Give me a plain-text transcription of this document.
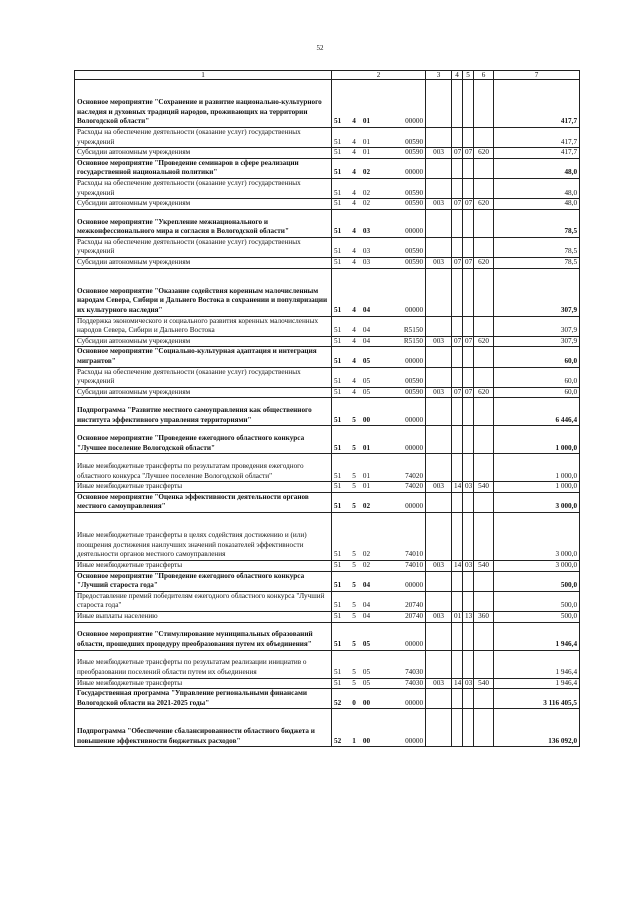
52
1	2				3	4	5	6	7
Основное мероприятие "Сохранение и развитие национально-культурного наследия и духовных традиций народов, проживающих на территории Вологодской области"	51	4	01	00000					417,7
Расходы на обеспечение деятельности (оказание услуг) государственных учреждений	51	4	01	00590					417,7
Субсидии автономным учреждениям	51	4	01	00590	003	07	07	620	417,7
Основное мероприятие "Проведение семинаров в сфере реализации государственной национальной политики"	51	4	02	00000					48,0
Расходы на обеспечение деятельности (оказание услуг) государственных учреждений	51	4	02	00590					48,0
Субсидии автономным учреждениям	51	4	02	00590	003	07	07	620	48,0
Основное мероприятие "Укрепление межнационального и межконфессионального мира и согласия в Вологодской области"	51	4	03	00000					78,5
Расходы на обеспечение деятельности (оказание услуг) государственных учреждений	51	4	03	00590					78,5
Субсидии автономным учреждениям	51	4	03	00590	003	07	07	620	78,5
Основное мероприятие "Оказание содействия коренным малочисленным народам Севера, Сибири и Дальнего Востока в сохранении и популяризации их культурного наследия"	51	4	04	00000					307,9
Поддержка экономического и социального развития коренных малочисленных народов Севера, Сибири и Дальнего Востока	51	4	04	R5150					307,9
Субсидии автономным учреждениям	51	4	04	R5150	003	07	07	620	307,9
Основное мероприятие "Социально-культурная адаптация и интеграция мигрантов"	51	4	05	00000					60,0
Расходы на обеспечение деятельности (оказание услуг) государственных учреждений	51	4	05	00590					60,0
Субсидии автономным учреждениям	51	4	05	00590	003	07	07	620	60,0
Подпрограмма "Развитие местного самоуправления как общественного института эффективного управления территориями"	51	5	00	00000					6 446,4
Основное мероприятие "Проведение ежегодного областного конкурса "Лучшее поселение Вологодской области"	51	5	01	00000					1 000,0
Иные межбюджетные трансферты по результатам проведения ежегодного областного конкурса "Лучшее поселение Вологодской области"	51	5	01	74020					1 000,0
Иные межбюджетные трансферты	51	5	01	74020	003	14	03	540	1 000,0
Основное мероприятие "Оценка эффективности деятельности органов местного самоуправления"	51	5	02	00000					3 000,0
Иные межбюджетные трансферты в целях содействия достижению и (или) поощрения достижения наилучших значений показателей эффективности деятельности органов местного самоуправления	51	5	02	74010					3 000,0
Иные межбюджетные трансферты	51	5	02	74010	003	14	03	540	3 000,0
Основное мероприятие "Проведение ежегодного областного конкурса "Лучший староста года"	51	5	04	00000					500,0
Предоставление премий победителям ежегодного областного конкурса "Лучший староста года"	51	5	04	20740					500,0
Иные выплаты населению	51	5	04	20740	003	01	13	360	500,0
Основное мероприятие "Стимулирование муниципальных образований области, прошедших процедуру преобразования путем их объединения"	51	5	05	00000					1 946,4
Иные межбюджетные трансферты по результатам реализации инициатив о преобразовании поселений области путем их объединения	51	5	05	74030					1 946,4
Иные межбюджетные трансферты	51	5	05	74030	003	14	03	540	1 946,4
Государственная программа "Управление региональными финансами Вологодской области на 2021-2025 годы"	52	0	00	00000					3 116 405,5
Подпрограмма "Обеспечение сбалансированности областного бюджета и повышение эффективности бюджетных расходов"	52	1	00	00000					136 092,0
